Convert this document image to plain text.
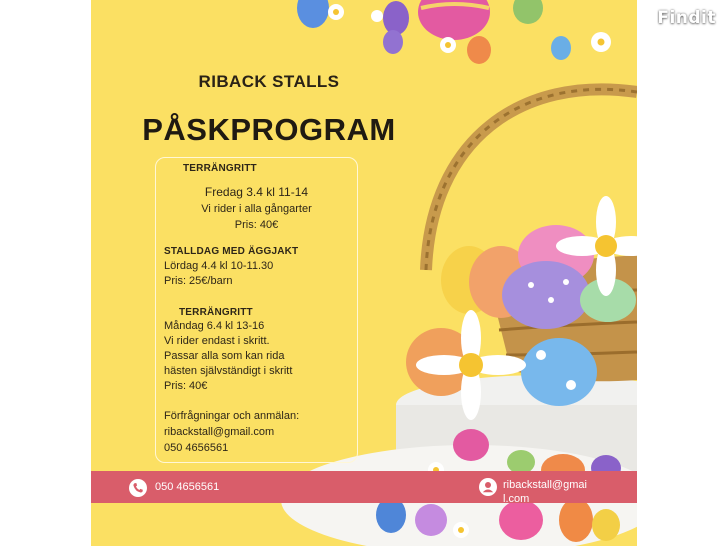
RIBACK STALLS
PÅSKPROGRAM
TERRÄNGRITT
Fredag 3.4 kl 11-14
Vi rider i alla gångarter
Pris: 40€
STALLDAG MED ÄGGJAKT
Lördag 4.4 kl 10-11.30
Pris: 25€/barn
TERRÄNGRITT
Måndag 6.4 kl 13-16
Vi rider endast i skritt.
Passar alla som kan rida
hästen självständigt i skritt
Pris: 40€
Förfrågningar och anmälan:
ribackstall@gmail.com
050 4656561
050 4656561	ribackstall@gmai
l.com
Findit
